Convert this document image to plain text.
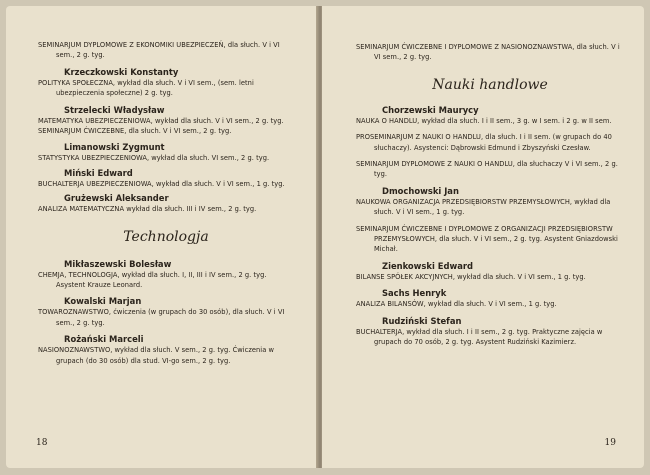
SEMINARJUM DYPLOMOWE Z EKONOMIKI UBEZPIECZEŃ, dla słuch. V i VI sem., 2 g. tyg.

Krzeczkowski Konstanty

POLITYKA SPOŁECZNA, wykład dla słuch. V i VI sem., (sem. letni ubezpieczenia społeczne) 2 g. tyg.

Strzelecki Władysław

MATEMATYKA UBEZPIECZENIOWA, wykład dla słuch. V i VI sem., 2 g. tyg.

SEMINARJUM ĆWICZEBNE, dla słuch. V i VI sem., 2 g. tyg.

Limanowski Zygmunt

STATYSTYKA UBEZPIECZENIOWA, wykład dla słuch. VI sem., 2 g. tyg.

Miński Edward

BUCHALTERJA UBEZPIECZENIOWA, wykład dla słuch. V i VI sem., 1 g. tyg.

Grużewski Aleksander

ANALIZA MATEMATYCZNA wykład dla słuch. III i IV sem., 2 g. tyg.

Technologja

Mikłaszewski Bolesław

CHEMJA, TECHNOLOGJA, wykład dla słuch. I, II, III i IV sem., 2 g. tyg. Asystent Krauze Leonard.

Kowalski Marjan

TOWAROZNAWSTWO, ćwiczenia (w grupach do 30 osób), dla słuch. V i VI sem., 2 g. tyg.

Rożański Marceli

NASIONOZNAWSTWO, wykład dla słuch. V sem., 2 g. tyg. Ćwiczenia w grupach (do 30 osób) dla stud. VI-go sem., 2 g. tyg.

18

SEMINARJUM ĆWICZEBNE I DYPLOMOWE Z NASIONOZNAWSTWA, dla słuch. V i VI sem., 2 g. tyg.

Nauki handlowe

Chorzewski Maurycy

NAUKA O HANDLU, wykład dla słuch. I i II sem., 3 g. w I sem. i 2 g. w II sem.

PROSEMINARJUM Z NAUKI O HANDLU, dla słuch. I i II sem. (w grupach do 40 słuchaczy). Asystenci: Dąbrowski Edmund i Zbyszyński Czesław.

SEMINARJUM DYPLOMOWE Z NAUKI O HANDLU, dla słuchaczy V i VI sem., 2 g. tyg.

Dmochowski Jan

NAUKOWA ORGANIZACJA PRZEDSIĘBIORSTW PRZEMYSŁOWYCH, wykład dla słuch. V i VI sem., 1 g. tyg.

SEMINARJUM ĆWICZEBNE I DYPLOMOWE Z ORGANIZACJI PRZEDSIĘBIORSTW PRZEMYSŁOWYCH, dla słuch. V i VI sem., 2 g. tyg. Asystent Gniazdowski Michał.

Zienkowski Edward

BILANSE SPÓŁEK AKCYJNYCH, wykład dla słuch. V i VI sem., 1 g. tyg.

Sachs Henryk

ANALIZA BILANSÓW, wykład dla słuch. V i VI sem., 1 g. tyg.

Rudziński Stefan

BUCHALTERJA, wykład dla słuch. I i II sem., 2 g. tyg. Praktyczne zajęcia w grupach do 70 osób, 2 g. tyg. Asystent Rudziński Kazimierz.

19
